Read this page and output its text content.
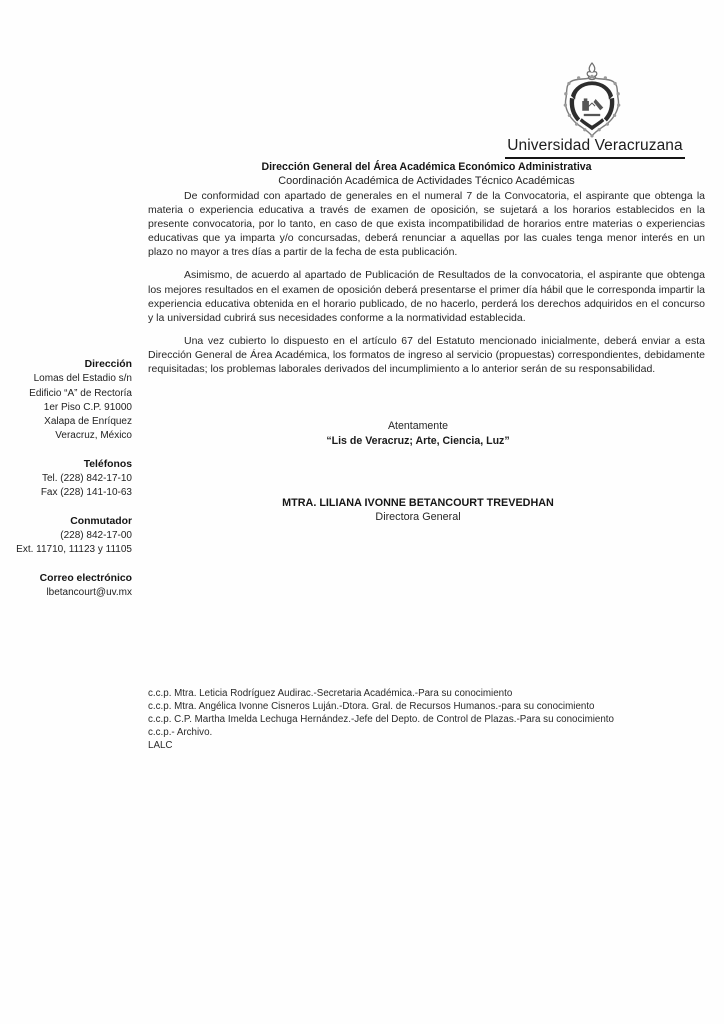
Universidad Veracruzana
Dirección General del Área Académica Económico Administrativa
Coordinación Académica de Actividades Técnico Académicas

De conformidad con apartado de generales en el numeral 7 de la Convocatoria, el aspirante que obtenga la materia o experiencia educativa a través de examen de oposición, se sujetará a los horarios establecidos en la presente convocatoria, por lo tanto, en caso de que exista incompatibilidad de horarios entre materias o experiencias educativas que ya imparta y/o concursadas, deberá renunciar a aquellas por las cuales tenga menor interés en un plazo no mayor a tres días a partir de la fecha de esta publicación.

Asimismo, de acuerdo al apartado de Publicación de Resultados de la convocatoria, el aspirante que obtenga los mejores resultados en el examen de oposición deberá presentarse el primer día hábil que le corresponda impartir la experiencia educativa obtenida en el horario publicado, de no hacerlo, perderá los derechos adquiridos en el concurso y la universidad cubrirá sus necesidades conforme a la normatividad establecida.

Una vez cubierto lo dispuesto en el artículo 67 del Estatuto mencionado inicialmente, deberá enviar a esta Dirección General de Área Académica, los formatos de ingreso al servicio (propuestas) correspondientes, debidamente requisitadas; los problemas laborales derivados del incumplimiento a lo anterior serán de su responsabilidad.

Atentamente
“Lis de Veracruz; Arte, Ciencia, Luz”
MTRA. LILIANA IVONNE BETANCOURT TREVEDHAN
Directora General
Dirección
Lomas del Estadio s/n
Edificio “A” de Rectoría
1er Piso C.P. 91000
Xalapa de Enríquez
Veracruz, México
Teléfonos
Tel. (228) 842-17-10
Fax (228) 141-10-63
Conmutador
(228) 842-17-00
Ext. 11710, 11123 y 11105
Correo electrónico
lbetancourt@uv.mx
c.c.p. Mtra. Leticia Rodríguez Audirac.-Secretaria Académica.-Para su conocimiento
c.c.p. Mtra. Angélica Ivonne Cisneros Luján.-Dtora. Gral. de Recursos Humanos.-para su conocimiento
c.c.p. C.P. Martha Imelda Lechuga Hernández.-Jefe del Depto. de Control de Plazas.-Para su conocimiento
c.c.p.- Archivo.
LALC
